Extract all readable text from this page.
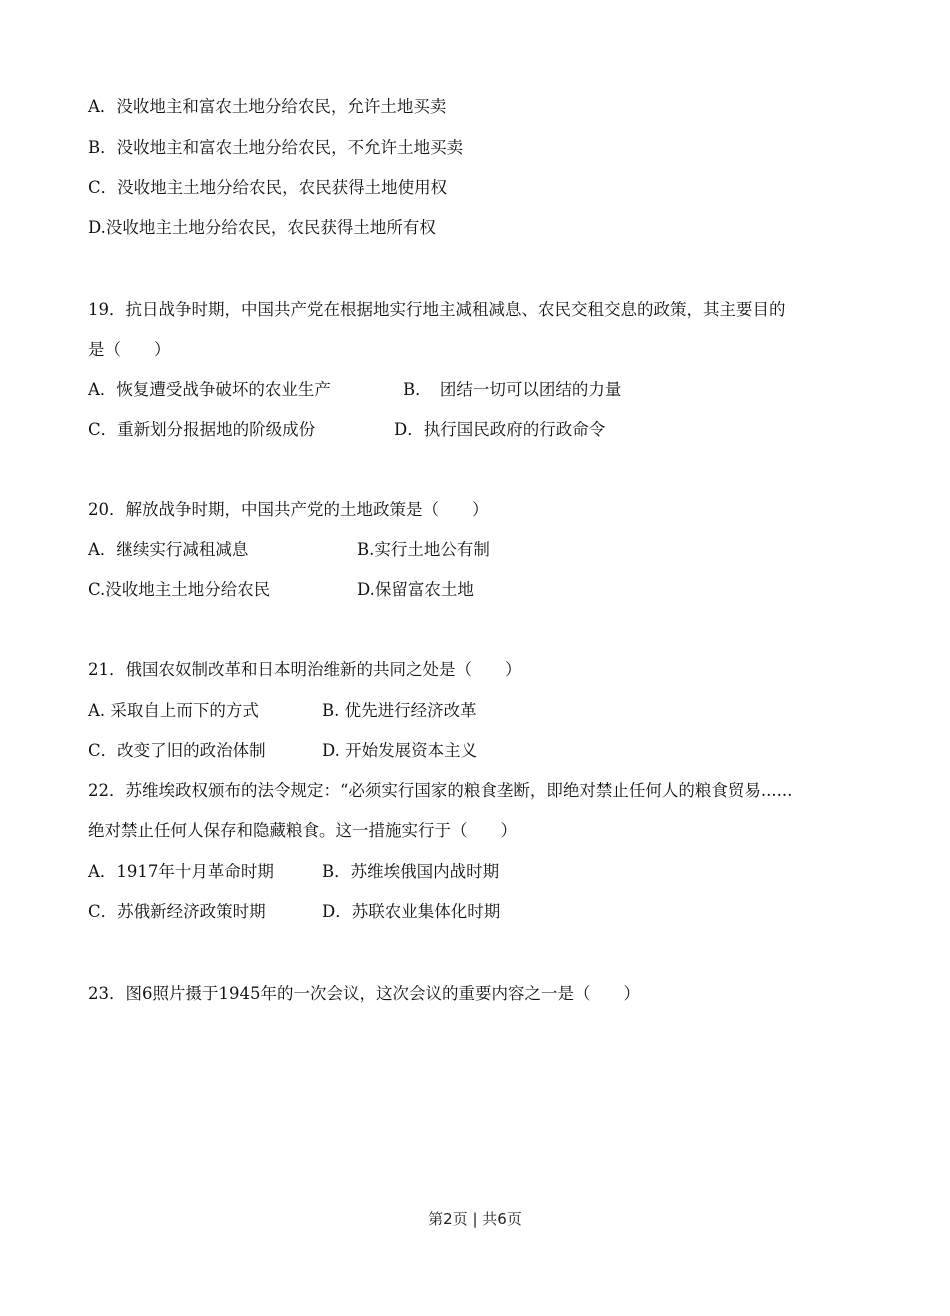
A．没收地主和富农土地分给农民，允许土地买卖
B．没收地主和富农土地分给农民，不允许土地买卖
C．没收地主土地分给农民，农民获得土地使用权
D.没收地主土地分给农民，农民获得土地所有权
19．抗日战争时期，中国共产党在根据地实行地主减租减息、农民交租交息的政策，其主要目的
是（　　）
A．恢复遭受战争破坏的农业生产	B．　团结一切可以团结的力量
C．重新划分报据地的阶级成份	D．执行国民政府的行政命令
20．解放战争时期，中国共产党的土地政策是（　　）
A．继续实行减租减息	B.实行土地公有制
C.没收地主土地分给农民	D.保留富农土地
21．俄国农奴制改革和日本明治维新的共同之处是（　　）
A. 采取自上而下的方式	B. 优先进行经济改革
C．改变了旧的政治体制	D. 开始发展资本主义
22．苏维埃政权颁布的法令规定：“必须实行国家的粮食垄断，即绝对禁止任何人的粮食贸易......
绝对禁止任何人保存和隐藏粮食。这一措施实行于（　　）
A．1917年十月革命时期	B．苏维埃俄国内战时期
C．苏俄新经济政策时期	D．苏联农业集体化时期
23．图6照片摄于1945年的一次会议，这次会议的重要内容之一是（　　）
第2页 | 共6页
